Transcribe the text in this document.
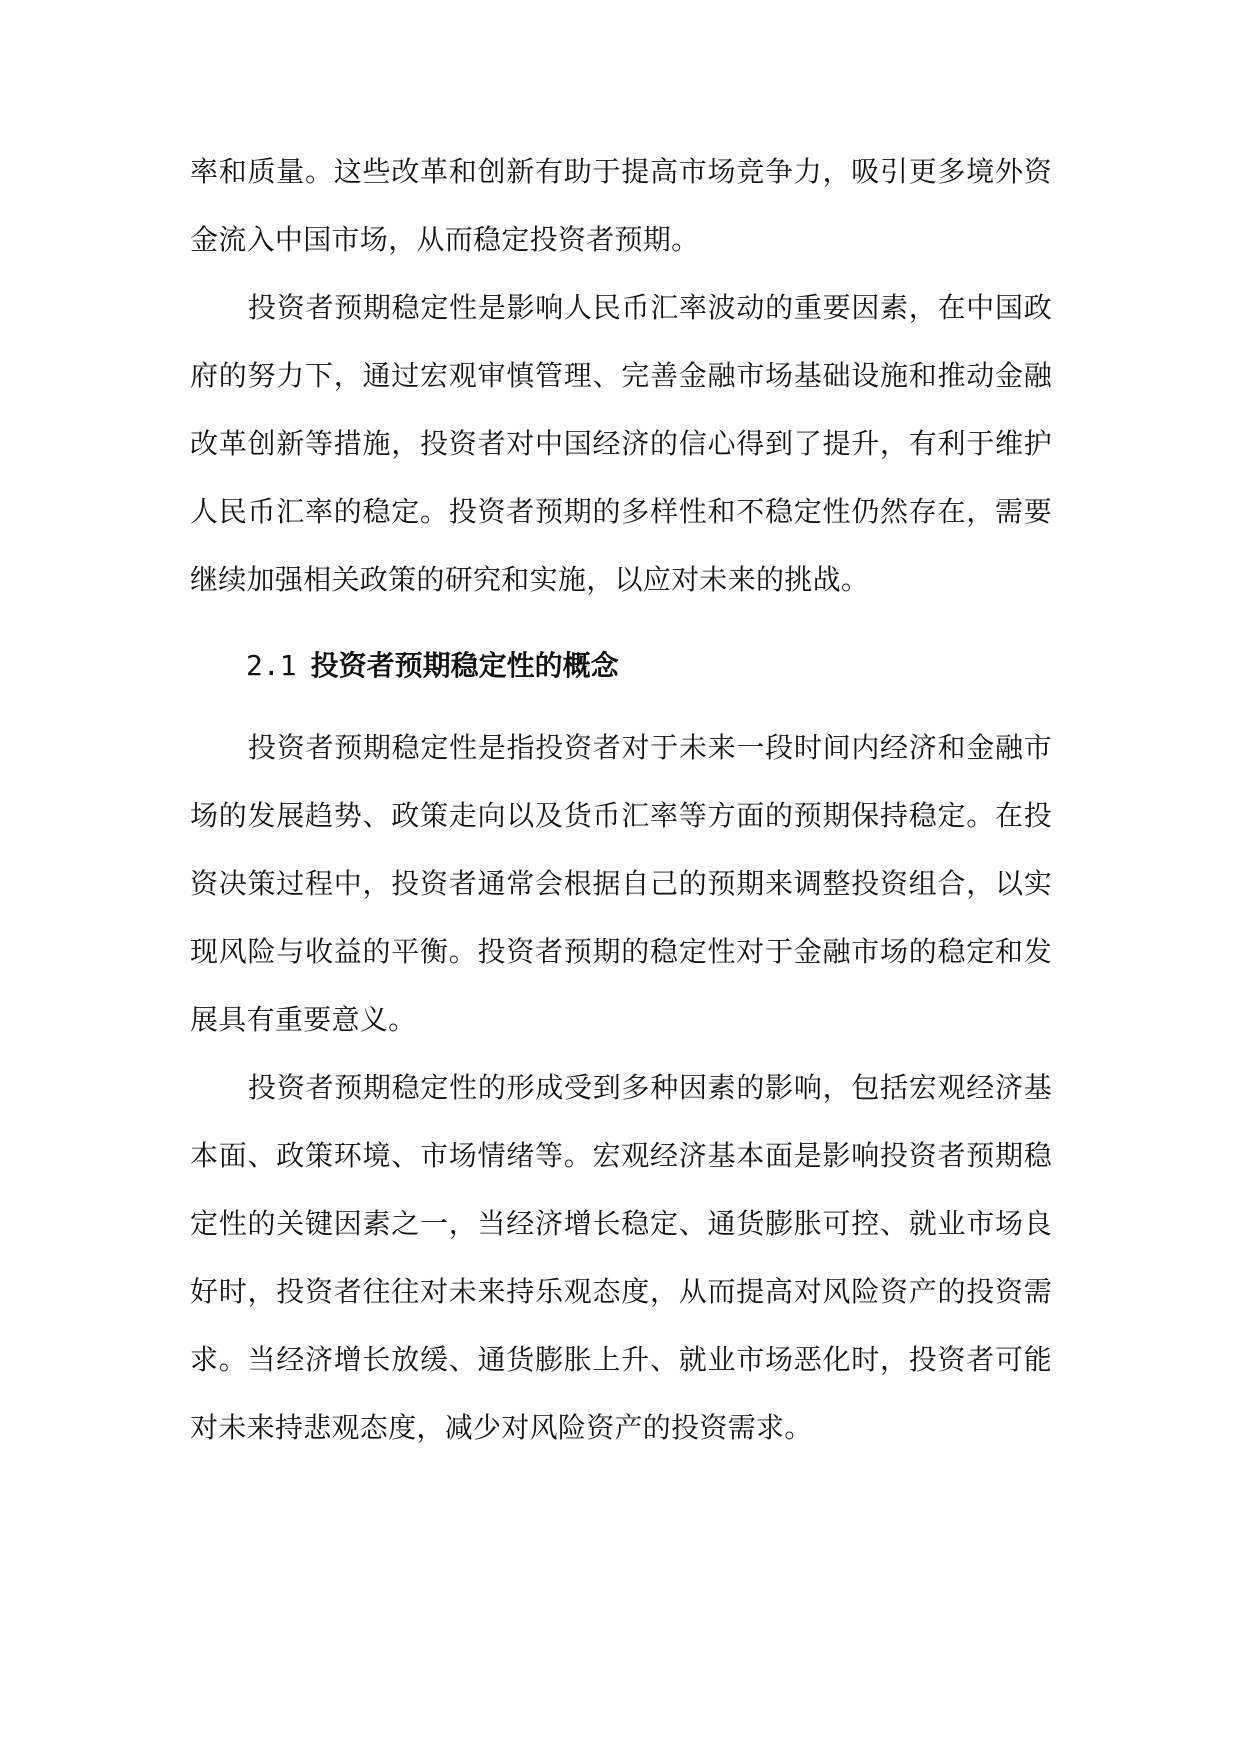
率和质量。这些改革和创新有助于提高市场竞争力，吸引更多境外资金流入中国市场，从而稳定投资者预期。

投资者预期稳定性是影响人民币汇率波动的重要因素，在中国政府的努力下，通过宏观审慎管理、完善金融市场基础设施和推动金融改革创新等措施，投资者对中国经济的信心得到了提升，有利于维护人民币汇率的稳定。投资者预期的多样性和不稳定性仍然存在，需要继续加强相关政策的研究和实施，以应对未来的挑战。

2.1 投资者预期稳定性的概念

投资者预期稳定性是指投资者对于未来一段时间内经济和金融市场的发展趋势、政策走向以及货币汇率等方面的预期保持稳定。在投资决策过程中，投资者通常会根据自己的预期来调整投资组合，以实现风险与收益的平衡。投资者预期的稳定性对于金融市场的稳定和发展具有重要意义。

投资者预期稳定性的形成受到多种因素的影响，包括宏观经济基本面、政策环境、市场情绪等。宏观经济基本面是影响投资者预期稳定性的关键因素之一，当经济增长稳定、通货膨胀可控、就业市场良好时，投资者往往对未来持乐观态度，从而提高对风险资产的投资需求。当经济增长放缓、通货膨胀上升、就业市场恶化时，投资者可能对未来持悲观态度，减少对风险资产的投资需求。
